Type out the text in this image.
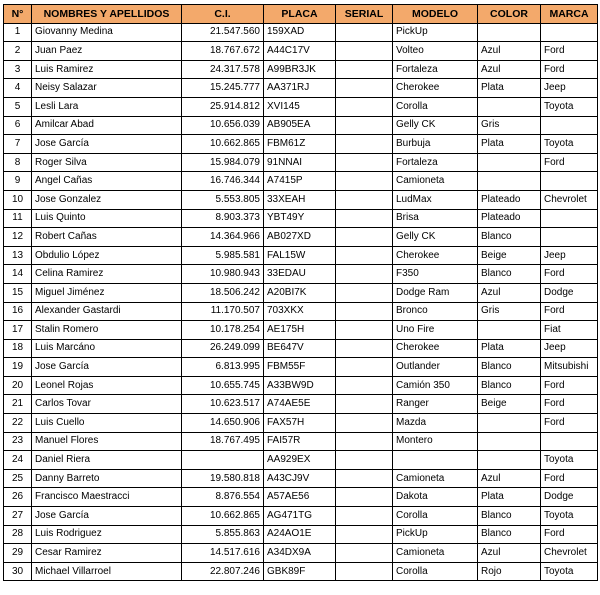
N°	NOMBRES Y APELLIDOS	C.I.	PLACA	SERIAL	MODELO	COLOR	MARCA
1	Giovanny Medina	21.547.560	159XAD		PickUp		
2	Juan Paez	18.767.672	A44C17V		Volteo	Azul	Ford
3	Luis Ramirez	24.317.578	A99BR3JK		Fortaleza	Azul	Ford
4	Neisy Salazar	15.245.777	AA371RJ		Cherokee	Plata	Jeep
5	Lesli Lara	25.914.812	XVI145		Corolla		Toyota
6	Amilcar Abad	10.656.039	AB905EA		Gelly CK	Gris	
7	Jose García	10.662.865	FBM61Z		Burbuja	Plata	Toyota
8	Roger Silva	15.984.079	91NNAI		Fortaleza		Ford
9	Angel Cañas	16.746.344	A7415P		Camioneta		
10	Jose Gonzalez	5.553.805	33XEAH		LudMax	Plateado	Chevrolet
11	Luis Quinto	8.903.373	YBT49Y		Brisa	Plateado	
12	Robert Cañas	14.364.966	AB027XD		Gelly CK	Blanco	
13	Obdulio López	5.985.581	FAL15W		Cherokee	Beige	Jeep
14	Celina Ramirez	10.980.943	33EDAU		F350	Blanco	Ford
15	Miguel Jiménez	18.506.242	A20BI7K		Dodge Ram	Azul	Dodge
16	Alexander Gastardi	11.170.507	703XKX		Bronco	Gris	Ford
17	Stalin Romero	10.178.254	AE175H		Uno Fire		Fiat
18	Luis Marcáno	26.249.099	BE647V		Cherokee	Plata	Jeep
19	Jose García	6.813.995	FBM55F		Outlander	Blanco	Mitsubishi
20	Leonel Rojas	10.655.745	A33BW9D		Camión 350	Blanco	Ford
21	Carlos Tovar	10.623.517	A74AE5E		Ranger	Beige	Ford
22	Luis Cuello	14.650.906	FAX57H		Mazda		Ford
23	Manuel Flores	18.767.495	FAI57R		Montero		
24	Daniel Riera		AA929EX				Toyota
25	Danny Barreto	19.580.818	A43CJ9V		Camioneta	Azul	Ford
26	Francisco Maestracci	8.876.554	A57AE56		Dakota	Plata	Dodge
27	Jose García	10.662.865	AG471TG		Corolla	Blanco	Toyota
28	Luis Rodriguez	5.855.863	A24AO1E		PickUp	Blanco	Ford
29	Cesar Ramirez	14.517.616	A34DX9A		Camioneta	Azul	Chevrolet
30	Michael Villarroel	22.807.246	GBK89F		Corolla	Rojo	Toyota
